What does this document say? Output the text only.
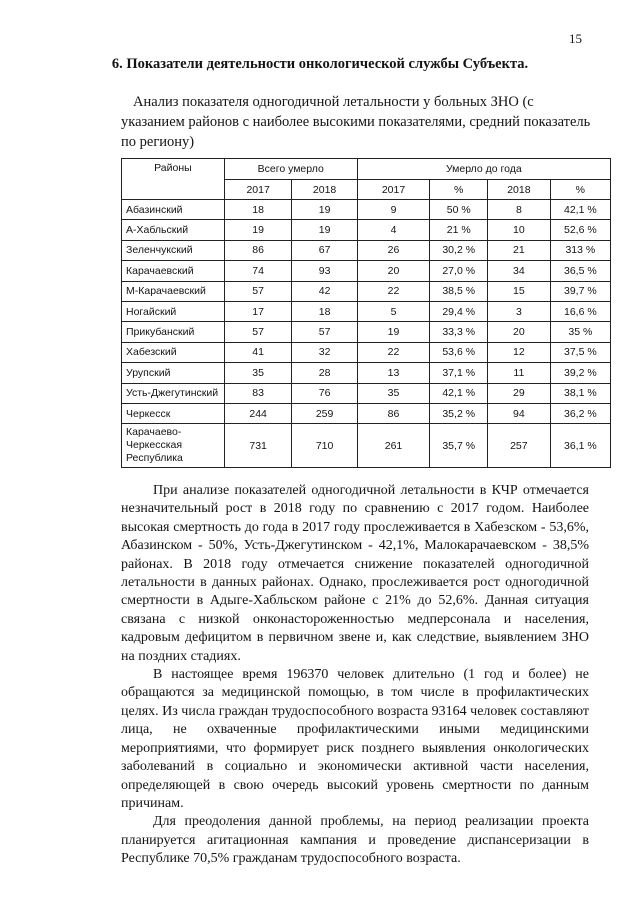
15
6. Показатели деятельности онкологической службы Субъекта.
Анализ показателя одногодичной летальности у больных ЗНО (с указанием районов с наиболее высокими показателями, средний показатель по региону)
Районы	Всего умерло		Умерло до года			
	2017	2018	2017	%	2018	%
Абазинский	18	19	9	50 %	8	42,1 %
А-Хабльский	19	19	4	21 %	10	52,6 %
Зеленчукский	86	67	26	30,2 %	21	313 %
Карачаевский	74	93	20	27,0 %	34	36,5 %
М-Карачаевский	57	42	22	38,5 %	15	39,7 %
Ногайский	17	18	5	29,4 %	3	16,6 %
Прикубанский	57	57	19	33,3 %	20	35 %
Хабезский	41	32	22	53,6 %	12	37,5 %
Урупский	35	28	13	37,1 %	11	39,2 %
Усть-Джегутинский	83	76	35	42,1 %	29	38,1 %
Черкесск	244	259	86	35,2 %	94	36,2 %
Карачаево-Черкесская Республика	731	710	261	35,7 %	257	36,1 %

При анализе показателей одногодичной летальности в КЧР отмечается незначительный рост в 2018 году по сравнению с 2017 годом. Наиболее высокая смертность до года в 2017 году прослеживается в Хабезском - 53,6%, Абазинском - 50%, Усть-Джегутинском - 42,1%, Малокарачаевском - 38,5% районах. В 2018 году отмечается снижение показателей одногодичной летальности в данных районах. Однако, прослеживается рост одногодичной смертности в Адыге-Хабльском районе с 21% до 52,6%. Данная ситуация связана с низкой онконастороженностью медперсонала и населения, кадровым дефицитом в первичном звене и, как следствие, выявлением ЗНО на поздних стадиях.

В настоящее время 196370 человек длительно (1 год и более) не обращаются за медицинской помощью, в том числе в профилактических целях. Из числа граждан трудоспособного возраста 93164 человек составляют лица, не охваченные профилактическими иными медицинскими мероприятиями, что формирует риск позднего выявления онкологических заболеваний в социально и экономически активной части населения, определяющей в свою очередь высокий уровень смертности по данным причинам.

Для преодоления данной проблемы, на период реализации проекта планируется агитационная кампания и проведение диспансеризации в Республике 70,5% гражданам трудоспособного возраста.
